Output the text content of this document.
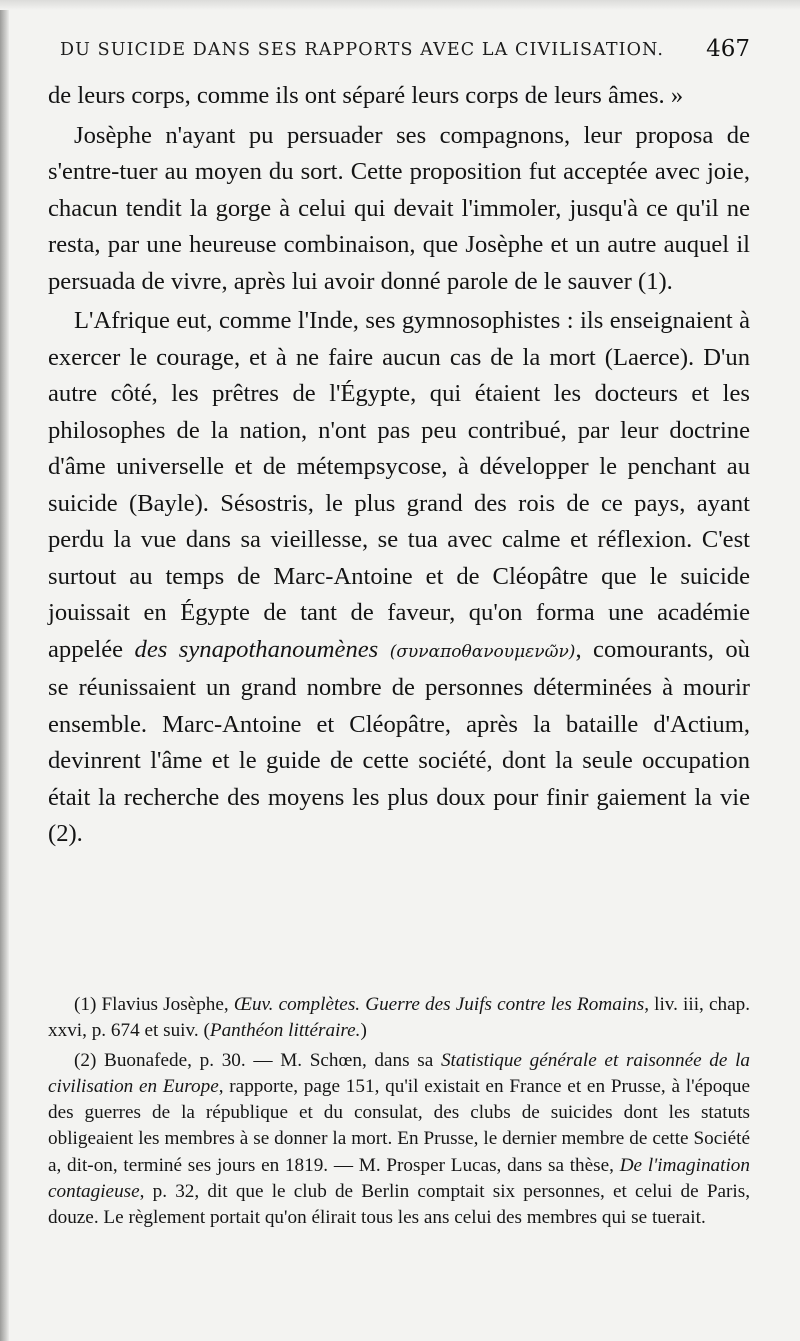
DU SUICIDE DANS SES RAPPORTS AVEC LA CIVILISATION. 467

de leurs corps, comme ils ont séparé leurs corps de leurs âmes. »

Josèphe n'ayant pu persuader ses compagnons, leur proposa de s'entre-tuer au moyen du sort. Cette proposition fut acceptée avec joie, chacun tendit la gorge à celui qui devait l'immoler, jusqu'à ce qu'il ne resta, par une heureuse combinaison, que Josèphe et un autre auquel il persuada de vivre, après lui avoir donné parole de le sauver (1).

L'Afrique eut, comme l'Inde, ses gymnosophistes : ils enseignaient à exercer le courage, et à ne faire aucun cas de la mort (Laerce). D'un autre côté, les prêtres de l'Égypte, qui étaient les docteurs et les philosophes de la nation, n'ont pas peu contribué, par leur doctrine d'âme universelle et de métempsycose, à développer le penchant au suicide (Bayle). Sésostris, le plus grand des rois de ce pays, ayant perdu la vue dans sa vieillesse, se tua avec calme et réflexion. C'est surtout au temps de Marc-Antoine et de Cléopâtre que le suicide jouissait en Égypte de tant de faveur, qu'on forma une académie appelée des synapothanoumènes (συναποθανουμενῶν), comourants, où se réunissaient un grand nombre de personnes déterminées à mourir ensemble. Marc-Antoine et Cléopâtre, après la bataille d'Actium, devinrent l'âme et le guide de cette société, dont la seule occupation était la recherche des moyens les plus doux pour finir gaiement la vie (2).

(1) Flavius Josèphe, Œuv. complètes. Guerre des Juifs contre les Romains, liv. iii, chap. xxvi, p. 674 et suiv. (Panthéon littéraire.)

(2) Buonafede, p. 30. — M. Schœn, dans sa Statistique générale et raisonnée de la civilisation en Europe, rapporte, page 151, qu'il existait en France et en Prusse, à l'époque des guerres de la république et du consulat, des clubs de suicides dont les statuts obligeaient les membres à se donner la mort. En Prusse, le dernier membre de cette Société a, dit-on, terminé ses jours en 1819. — M. Prosper Lucas, dans sa thèse, De l'imagination contagieuse, p. 32, dit que le club de Berlin comptait six personnes, et celui de Paris, douze. Le règlement portait qu'on élirait tous les ans celui des membres qui se tuerait.
